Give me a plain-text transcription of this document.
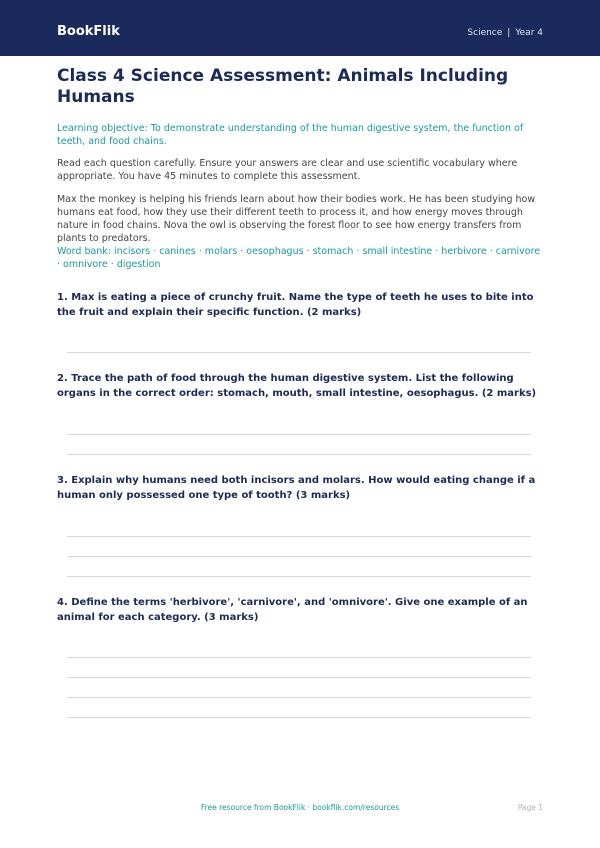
BookFlik	Science | Year 4
Class 4 Science Assessment: Animals Including Humans

Learning objective: To demonstrate understanding of the human digestive system, the function of teeth, and food chains.

Read each question carefully. Ensure your answers are clear and use scientific vocabulary where appropriate. You have 45 minutes to complete this assessment.

Max the monkey is helping his friends learn about how their bodies work. He has been studying how humans eat food, how they use their different teeth to process it, and how energy moves through nature in food chains. Nova the owl is observing the forest floor to see how energy transfers from plants to predators.

Word bank: incisors · canines · molars · oesophagus · stomach · small intestine · herbivore · carnivore · omnivore · digestion

1. Max is eating a piece of crunchy fruit. Name the type of teeth he uses to bite into the fruit and explain their specific function. (2 marks)

2. Trace the path of food through the human digestive system. List the following organs in the correct order: stomach, mouth, small intestine, oesophagus. (2 marks)

3. Explain why humans need both incisors and molars. How would eating change if a human only possessed one type of tooth? (3 marks)

4. Define the terms 'herbivore', 'carnivore', and 'omnivore'. Give one example of an animal for each category. (3 marks)

Free resource from BookFlik · bookflik.com/resources	Page 1
